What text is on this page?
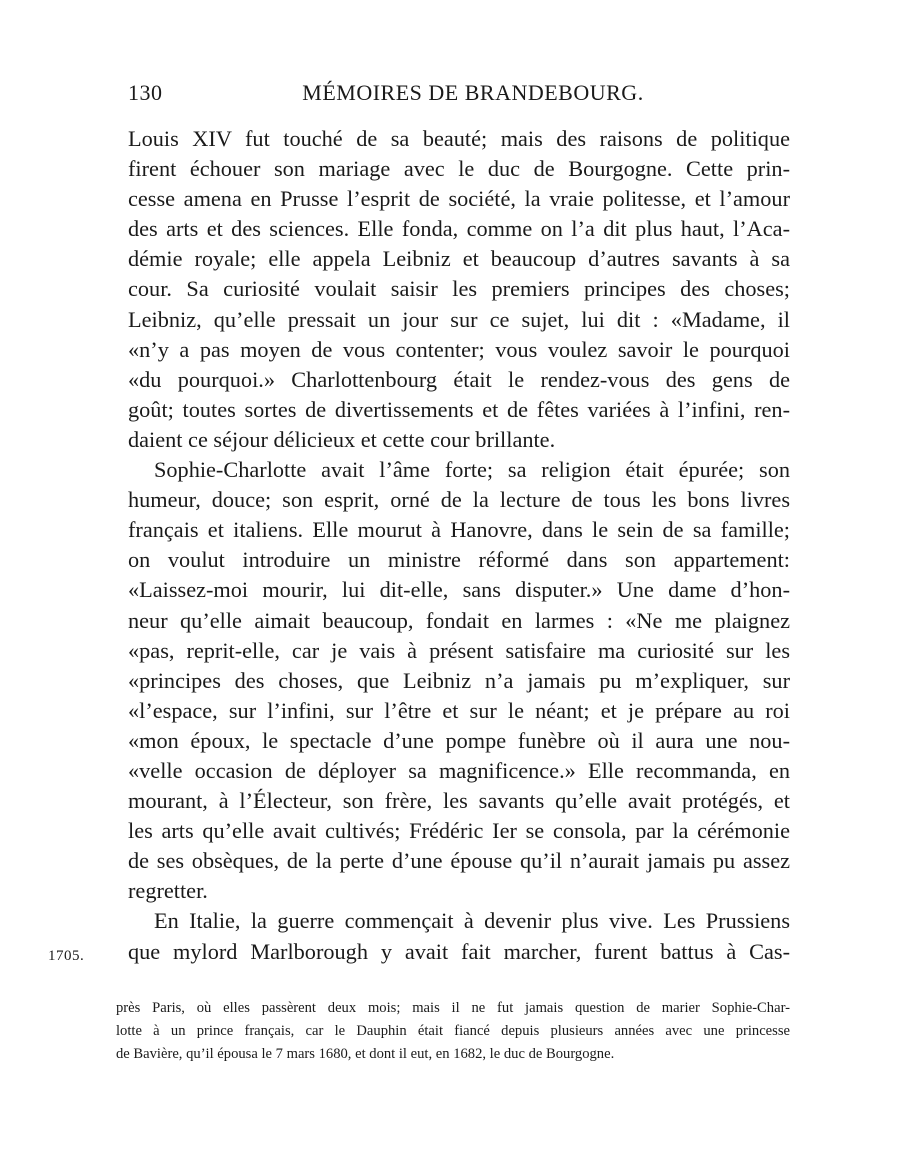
130	MÉMOIRES DE BRANDEBOURG.
Louis XIV fut touché de sa beauté; mais des raisons de politique
firent échouer son mariage avec le duc de Bourgogne. Cette prin-
cesse amena en Prusse l’esprit de société, la vraie politesse, et l’amour
des arts et des sciences. Elle fonda, comme on l’a dit plus haut, l’Aca-
démie royale; elle appela Leibniz et beaucoup d’autres savants à sa
cour. Sa curiosité voulait saisir les premiers principes des choses;
Leibniz, qu’elle pressait un jour sur ce sujet, lui dit : «Madame, il
«n’y a pas moyen de vous contenter; vous voulez savoir le pourquoi
«du pourquoi.» Charlottenbourg était le rendez-vous des gens de
goût; toutes sortes de divertissements et de fêtes variées à l’infini, ren-
daient ce séjour délicieux et cette cour brillante.
Sophie-Charlotte avait l’âme forte; sa religion était épurée; son
humeur, douce; son esprit, orné de la lecture de tous les bons livres
français et italiens. Elle mourut à Hanovre, dans le sein de sa famille;
on voulut introduire un ministre réformé dans son appartement:
«Laissez-moi mourir, lui dit-elle, sans disputer.» Une dame d’hon-
neur qu’elle aimait beaucoup, fondait en larmes : «Ne me plaignez
«pas, reprit-elle, car je vais à présent satisfaire ma curiosité sur les
«principes des choses, que Leibniz n’a jamais pu m’expliquer, sur
«l’espace, sur l’infini, sur l’être et sur le néant; et je prépare au roi
«mon époux, le spectacle d’une pompe funèbre où il aura une nou-
«velle occasion de déployer sa magnificence.» Elle recommanda, en
mourant, à l’Électeur, son frère, les savants qu’elle avait protégés, et
les arts qu’elle avait cultivés; Frédéric Ier se consola, par la cérémonie
de ses obsèques, de la perte d’une épouse qu’il n’aurait jamais pu assez
regretter.
En Italie, la guerre commençait à devenir plus vive. Les Prussiens
que mylord Marlborough y avait fait marcher, furent battus à Cas-
1705.
près Paris, où elles passèrent deux mois; mais il ne fut jamais question de marier Sophie-Char-
lotte à un prince français, car le Dauphin était fiancé depuis plusieurs années avec une princesse
de Bavière, qu’il épousa le 7 mars 1680, et dont il eut, en 1682, le duc de Bourgogne.
